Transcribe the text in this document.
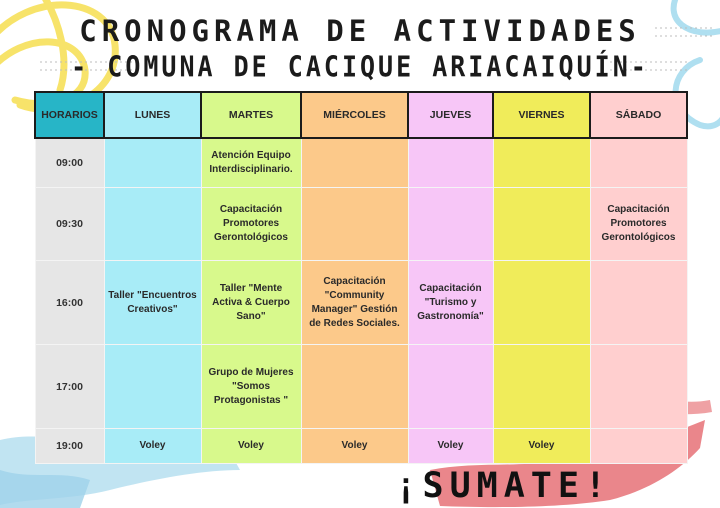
CRONOGRAMA DE ACTIVIDADES
- COMUNA DE CACIQUE ARIACAIQUÍN-
HORARIOS	LUNES	MARTES	MIÉRCOLES	JUEVES	VIERNES	SÁBADO
09:00		Atención Equipo Interdisciplinario.				
09:30		Capacitación Promotores Gerontológicos				Capacitación Promotores Gerontológicos
16:00	Taller "Encuentros Creativos"	Taller "Mente Activa & Cuerpo Sano"	Capacitación "Community Manager" Gestión de Redes Sociales.	Capacitación "Turismo y Gastronomía"		
17:00		Grupo de Mujeres "Somos Protagonistas "				
19:00	Voley	Voley	Voley	Voley	Voley	
¡SUMATE!
